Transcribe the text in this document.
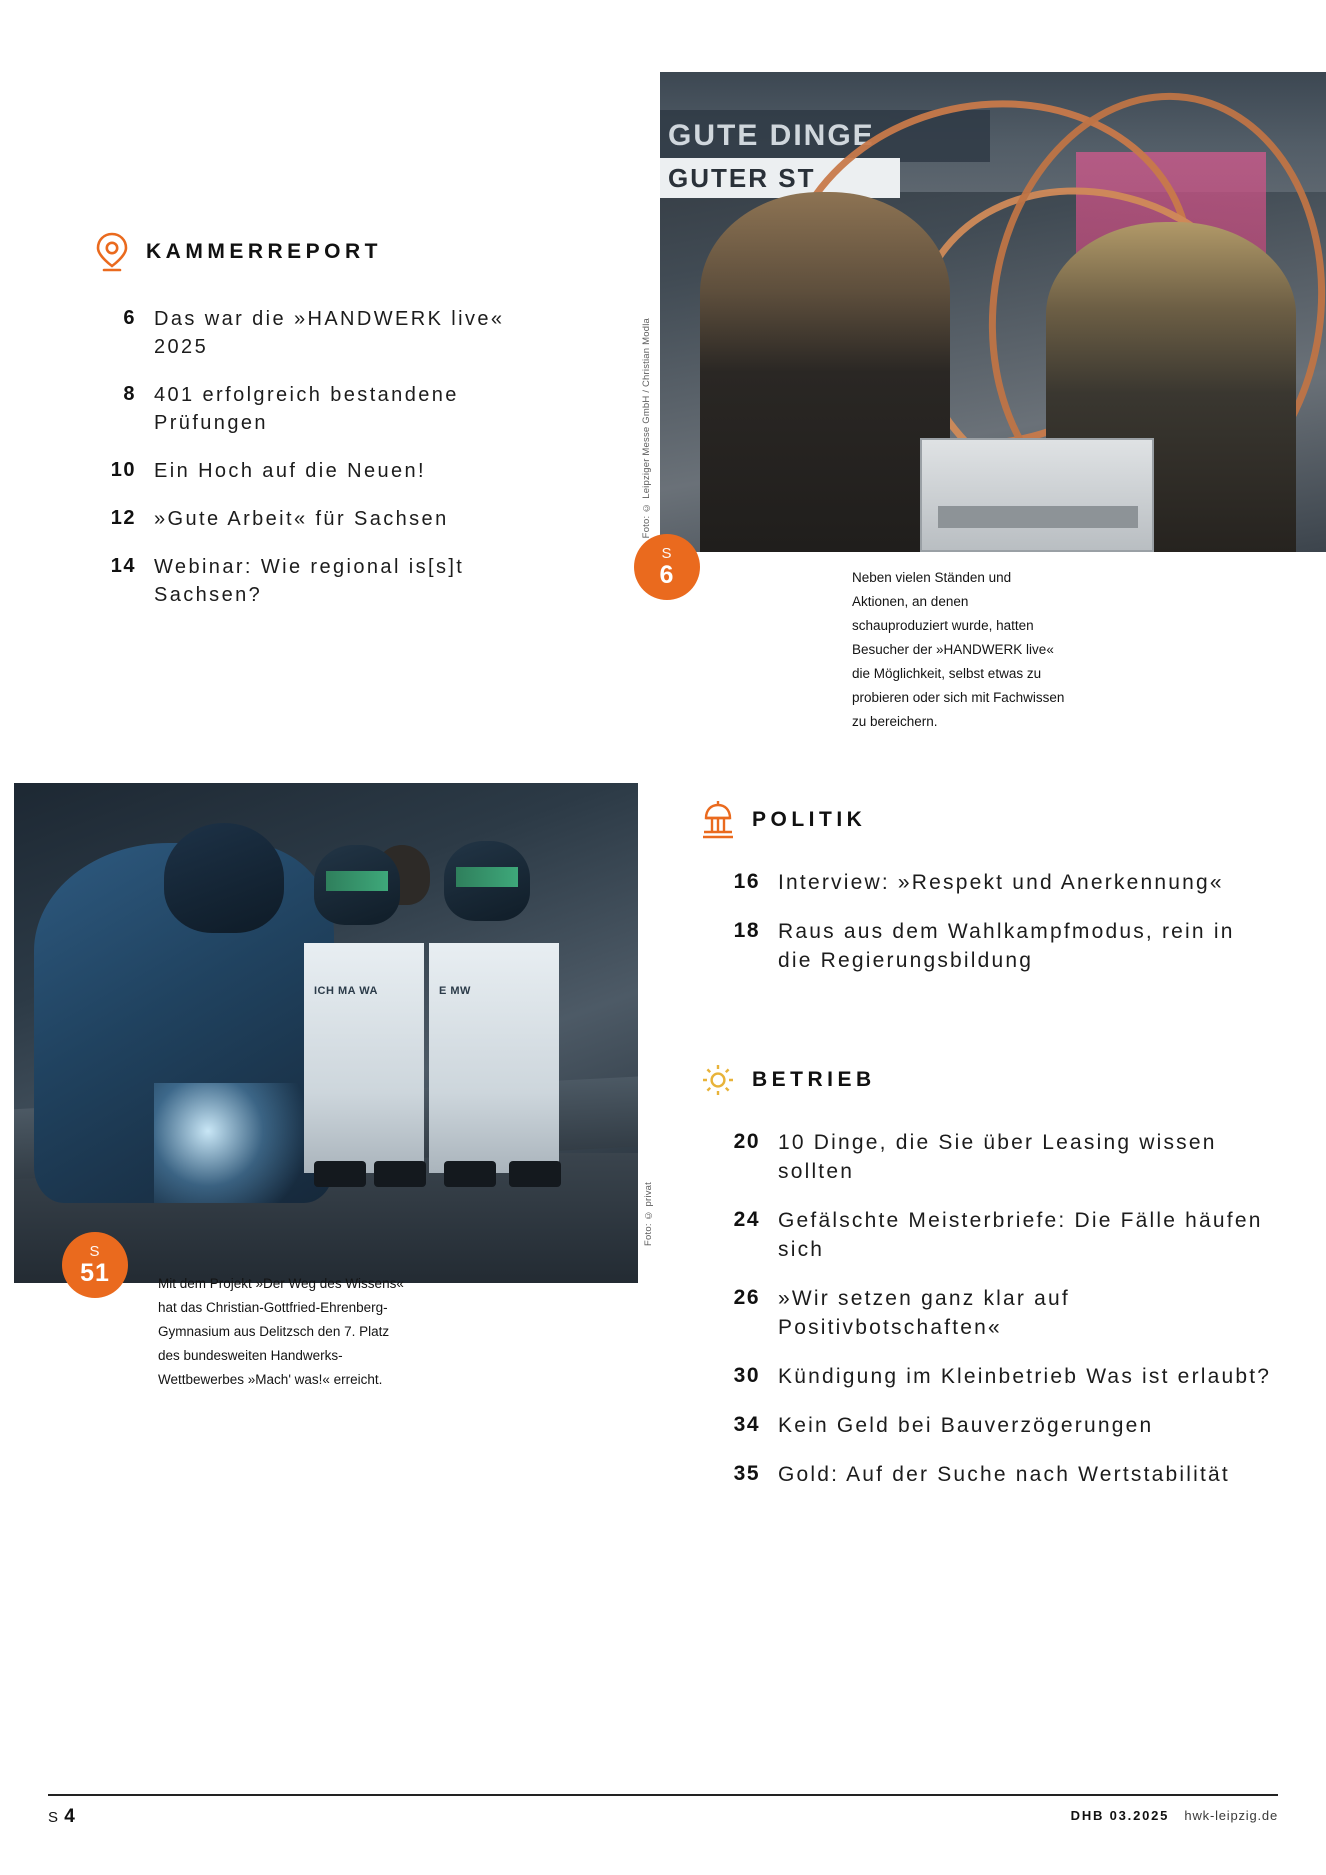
GUTE DINGE
GUTER ST
Foto: © Leipziger Messe GmbH / Christian Modla
ICH MA WA	E MW
Foto: © privat
KAMMERREPORT
6 Das war die »HANDWERK live« 2025
8 401 erfolgreich bestandene Prüfungen
10 Ein Hoch auf die Neuen!
12 »Gute Arbeit« für Sachsen
14 Webinar: Wie regional is[s]t Sachsen?
S
6	Neben vielen Ständen und Aktionen, an denen schauproduziert wurde, hatten Besucher der »HANDWERK live« die Möglichkeit, selbst etwas zu probieren oder sich mit Fachwissen zu bereichern.
POLITIK
16 Interview: »Respekt und Anerkennung«
18 Raus aus dem Wahlkampfmodus, rein in die Regierungsbildung
BETRIEB
20 10 Dinge, die Sie über Leasing wissen sollten
24 Gefälschte Meisterbriefe: Die Fälle häufen sich
26 »Wir setzen ganz klar auf Positivbotschaften«
30 Kündigung im Kleinbetrieb Was ist erlaubt?
34 Kein Geld bei Bauverzögerungen
35 Gold: Auf der Suche nach Wertstabilität
S
51	Mit dem Projekt »Der Weg des Wissens« hat das Christian-Gottfried-Ehrenberg-Gymnasium aus Delitzsch den 7. Platz des bundesweiten Handwerks-Wettbewerbes »Mach' was!« erreicht.
S 4	DHB 03.2025 hwk-leipzig.de
